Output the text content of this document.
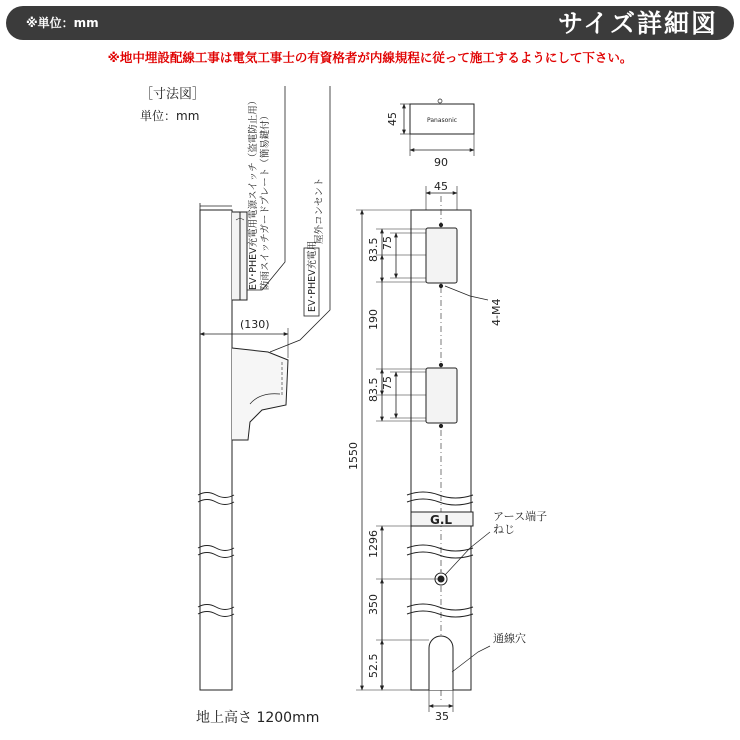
※単位：mm	サイズ詳細図
※地中埋設配線工事は電気工事士の有資格者が内線規程に従って施工するようにして下さい。
［寸法図］
単位：mm
(130)
EV･PHEV充電用電源スイッチ（盗電防止用） 防雨スイッチガードプレート（簡易鍵付）	屋外コンセント
EV･PHEV充電用
地上高さ 1200mm
Panasonic
45
90
45
35
1550
190
83.5 75
83.5 75
1296
350
52.5
4-M4
G.L	アース端子
ねじ
通線穴
